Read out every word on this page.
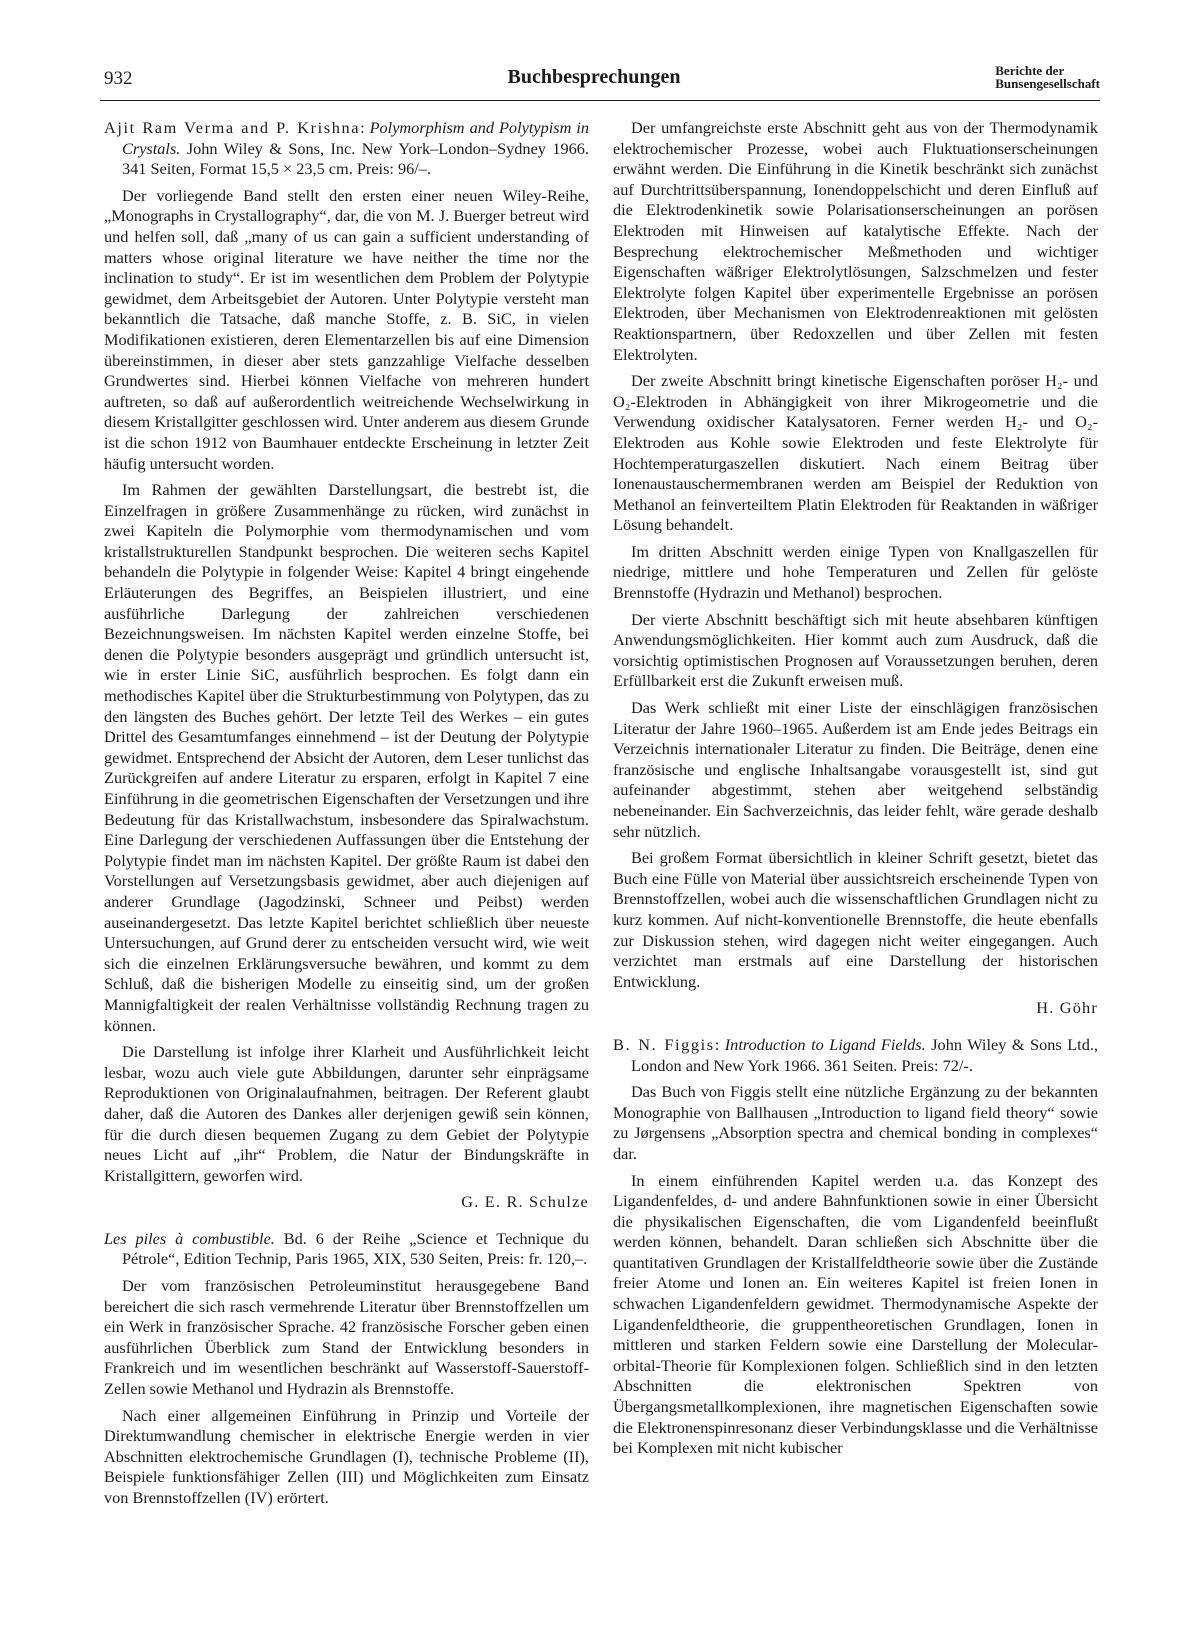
932	Buchbesprechungen	Berichte der
Bunsengesellschaft
Ajit Ram Verma and P. Krishna: Polymorphism and Polytypism in Crystals. John Wiley & Sons, Inc. New York–London–Sydney 1966. 341 Seiten, Format 15,5 × 23,5 cm. Preis: 96/–.

Der vorliegende Band stellt den ersten einer neuen Wiley-Reihe, „Monographs in Crystallography“, dar, die von M. J. Buerger betreut wird und helfen soll, daß „many of us can gain a sufficient understanding of matters whose original literature we have neither the time nor the inclination to study“. Er ist im wesentlichen dem Problem der Polytypie gewidmet, dem Arbeitsgebiet der Autoren. Unter Polytypie versteht man bekanntlich die Tatsache, daß manche Stoffe, z. B. SiC, in vielen Modifikationen existieren, deren Elementarzellen bis auf eine Dimension übereinstimmen, in dieser aber stets ganzzahlige Vielfache desselben Grundwertes sind. Hierbei können Vielfache von mehreren hundert auftreten, so daß auf außerordentlich weitreichende Wechselwirkung in diesem Kristallgitter geschlossen wird. Unter anderem aus diesem Grunde ist die schon 1912 von Baumhauer entdeckte Erscheinung in letzter Zeit häufig untersucht worden.

Im Rahmen der gewählten Darstellungsart, die bestrebt ist, die Einzelfragen in größere Zusammenhänge zu rücken, wird zunächst in zwei Kapiteln die Polymorphie vom thermodynamischen und vom kristallstrukturellen Standpunkt besprochen. Die weiteren sechs Kapitel behandeln die Polytypie in folgender Weise: Kapitel 4 bringt eingehende Erläuterungen des Begriffes, an Beispielen illustriert, und eine ausführliche Darlegung der zahlreichen verschiedenen Bezeichnungsweisen. Im nächsten Kapitel werden einzelne Stoffe, bei denen die Polytypie besonders ausgeprägt und gründlich untersucht ist, wie in erster Linie SiC, ausführlich besprochen. Es folgt dann ein methodisches Kapitel über die Strukturbestimmung von Polytypen, das zu den längsten des Buches gehört. Der letzte Teil des Werkes – ein gutes Drittel des Gesamtumfanges einnehmend – ist der Deutung der Polytypie gewidmet. Entsprechend der Absicht der Autoren, dem Leser tunlichst das Zurückgreifen auf andere Literatur zu ersparen, erfolgt in Kapitel 7 eine Einführung in die geometrischen Eigenschaften der Versetzungen und ihre Bedeutung für das Kristallwachstum, insbesondere das Spiralwachstum. Eine Darlegung der verschiedenen Auffassungen über die Entstehung der Polytypie findet man im nächsten Kapitel. Der größte Raum ist dabei den Vorstellungen auf Versetzungsbasis gewidmet, aber auch diejenigen auf anderer Grundlage (Jagodzinski, Schneer und Peibst) werden auseinandergesetzt. Das letzte Kapitel berichtet schließlich über neueste Untersuchungen, auf Grund derer zu entscheiden versucht wird, wie weit sich die einzelnen Erklärungsversuche bewähren, und kommt zu dem Schluß, daß die bisherigen Modelle zu einseitig sind, um der großen Mannigfaltigkeit der realen Verhältnisse vollständig Rechnung tragen zu können.

Die Darstellung ist infolge ihrer Klarheit und Ausführlichkeit leicht lesbar, wozu auch viele gute Abbildungen, darunter sehr einprägsame Reproduktionen von Originalaufnahmen, beitragen. Der Referent glaubt daher, daß die Autoren des Dankes aller derjenigen gewiß sein können, für die durch diesen bequemen Zugang zu dem Gebiet der Polytypie neues Licht auf „ihr“ Problem, die Natur der Bindungskräfte in Kristallgittern, geworfen wird.

G. E. R. Schulze
Les piles à combustible. Bd. 6 der Reihe „Science et Technique du Pétrole“, Edition Technip, Paris 1965, XIX, 530 Seiten, Preis: fr. 120,–.

Der vom französischen Petroleuminstitut herausgegebene Band bereichert die sich rasch vermehrende Literatur über Brennstoffzellen um ein Werk in französischer Sprache. 42 französische Forscher geben einen ausführlichen Überblick zum Stand der Entwicklung besonders in Frankreich und im wesentlichen beschränkt auf Wasserstoff-Sauerstoff-Zellen sowie Methanol und Hydrazin als Brennstoffe.

Nach einer allgemeinen Einführung in Prinzip und Vorteile der Direktumwandlung chemischer in elektrische Energie werden in vier Abschnitten elektrochemische Grundlagen (I), technische Probleme (II), Beispiele funktionsfähiger Zellen (III) und Möglichkeiten zum Einsatz von Brennstoffzellen (IV) erörtert.

Der umfangreichste erste Abschnitt geht aus von der Thermodynamik elektrochemischer Prozesse, wobei auch Fluktuationserscheinungen erwähnt werden. Die Einführung in die Kinetik beschränkt sich zunächst auf Durchtrittsüberspannung, Ionendoppelschicht und deren Einfluß auf die Elektrodenkinetik sowie Polarisationserscheinungen an porösen Elektroden mit Hinweisen auf katalytische Effekte. Nach der Besprechung elektrochemischer Meßmethoden und wichtiger Eigenschaften wäßriger Elektrolytlösungen, Salzschmelzen und fester Elektrolyte folgen Kapitel über experimentelle Ergebnisse an porösen Elektroden, über Mechanismen von Elektrodenreaktionen mit gelösten Reaktionspartnern, über Redoxzellen und über Zellen mit festen Elektrolyten.

Der zweite Abschnitt bringt kinetische Eigenschaften poröser H₂- und O₂-Elektroden in Abhängigkeit von ihrer Mikrogeometrie und die Verwendung oxidischer Katalysatoren. Ferner werden H₂- und O₂-Elektroden aus Kohle sowie Elektroden und feste Elektrolyte für Hochtemperaturgaszellen diskutiert. Nach einem Beitrag über Ionenaustauschermembranen werden am Beispiel der Reduktion von Methanol an feinverteiltem Platin Elektroden für Reaktanden in wäßriger Lösung behandelt.

Im dritten Abschnitt werden einige Typen von Knallgaszellen für niedrige, mittlere und hohe Temperaturen und Zellen für gelöste Brennstoffe (Hydrazin und Methanol) besprochen.

Der vierte Abschnitt beschäftigt sich mit heute absehbaren künftigen Anwendungsmöglichkeiten. Hier kommt auch zum Ausdruck, daß die vorsichtig optimistischen Prognosen auf Voraussetzungen beruhen, deren Erfüllbarkeit erst die Zukunft erweisen muß.

Das Werk schließt mit einer Liste der einschlägigen französischen Literatur der Jahre 1960–1965. Außerdem ist am Ende jedes Beitrags ein Verzeichnis internationaler Literatur zu finden. Die Beiträge, denen eine französische und englische Inhaltsangabe vorausgestellt ist, sind gut aufeinander abgestimmt, stehen aber weitgehend selbständig nebeneinander. Ein Sachverzeichnis, das leider fehlt, wäre gerade deshalb sehr nützlich.

Bei großem Format übersichtlich in kleiner Schrift gesetzt, bietet das Buch eine Fülle von Material über aussichtsreich erscheinende Typen von Brennstoffzellen, wobei auch die wissenschaftlichen Grundlagen nicht zu kurz kommen. Auf nicht-konventionelle Brennstoffe, die heute ebenfalls zur Diskussion stehen, wird dagegen nicht weiter eingegangen. Auch verzichtet man erstmals auf eine Darstellung der historischen Entwicklung.

H. Göhr
B. N. Figgis: Introduction to Ligand Fields. John Wiley & Sons Ltd., London and New York 1966. 361 Seiten. Preis: 72/-.

Das Buch von Figgis stellt eine nützliche Ergänzung zu der bekannten Monographie von Ballhausen „Introduction to ligand field theory“ sowie zu Jørgensens „Absorption spectra and chemical bonding in complexes“ dar.

In einem einführenden Kapitel werden u.a. das Konzept des Ligandenfeldes, d- und andere Bahnfunktionen sowie in einer Übersicht die physikalischen Eigenschaften, die vom Ligandenfeld beeinflußt werden können, behandelt. Daran schließen sich Abschnitte über die quantitativen Grundlagen der Kristallfeldtheorie sowie über die Zustände freier Atome und Ionen an. Ein weiteres Kapitel ist freien Ionen in schwachen Ligandenfeldern gewidmet. Thermodynamische Aspekte der Ligandenfeldtheorie, die gruppentheoretischen Grundlagen, Ionen in mittleren und starken Feldern sowie eine Darstellung der Molecular-orbital-Theorie für Komplexionen folgen. Schließlich sind in den letzten Abschnitten die elektronischen Spektren von Übergangsmetallkomplexionen, ihre magnetischen Eigenschaften sowie die Elektronenspinresonanz dieser Verbindungsklasse und die Verhältnisse bei Komplexen mit nicht kubischer
